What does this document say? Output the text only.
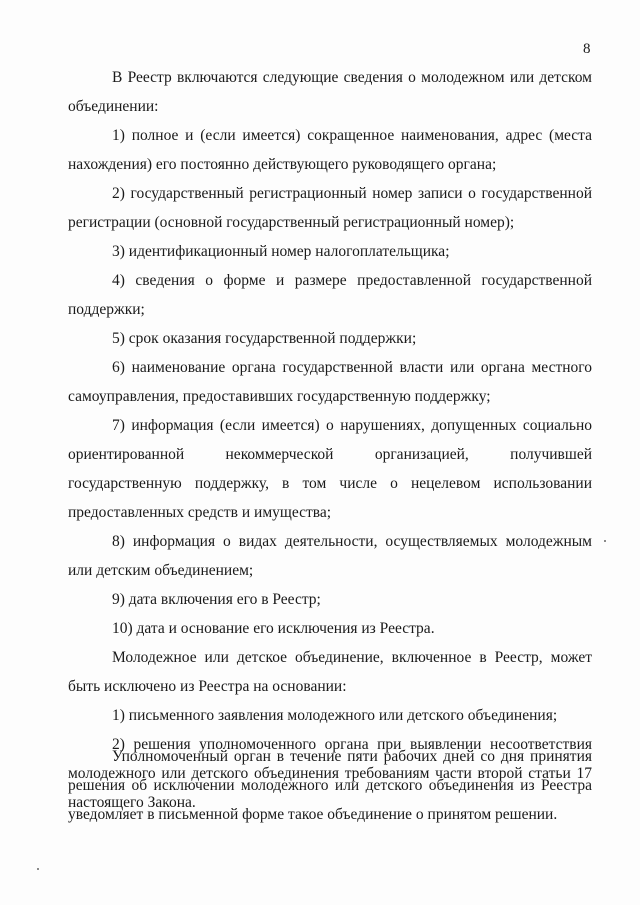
8

В Реестр включаются следующие сведения о молодежном или детском объединении:

1) полное и (если имеется) сокращенное наименования, адрес (места нахождения) его постоянно действующего руководящего органа;

2) государственный регистрационный номер записи о государственной регистрации (основной государственный регистрационный номер);

3) идентификационный номер налогоплательщика;

4) сведения о форме и размере предоставленной государственной поддержки;

5) срок оказания государственной поддержки;

6) наименование органа государственной власти или органа местного самоуправления, предоставивших государственную поддержку;

7) информация (если имеется) о нарушениях, допущенных социально ориентированной некоммерческой организацией, получившей государственную поддержку, в том числе о нецелевом использовании предоставленных средств и имущества;

8) информация о видах деятельности, осуществляемых молодежным или детским объединением;

9) дата включения его в Реестр;

10) дата и основание его исключения из Реестра.

Молодежное или детское объединение, включенное в Реестр, может быть исключено из Реестра на основании:

1) письменного заявления молодежного или детского объединения;

2) решения уполномоченного органа при выявлении несоответствия молодежного или детского объединения требованиям части второй статьи 17 настоящего Закона.

Уполномоченный орган в течение пяти рабочих дней со дня принятия решения об исключении молодежного или детского объединения из Реестра уведомляет в письменной форме такое объединение о принятом решении.
